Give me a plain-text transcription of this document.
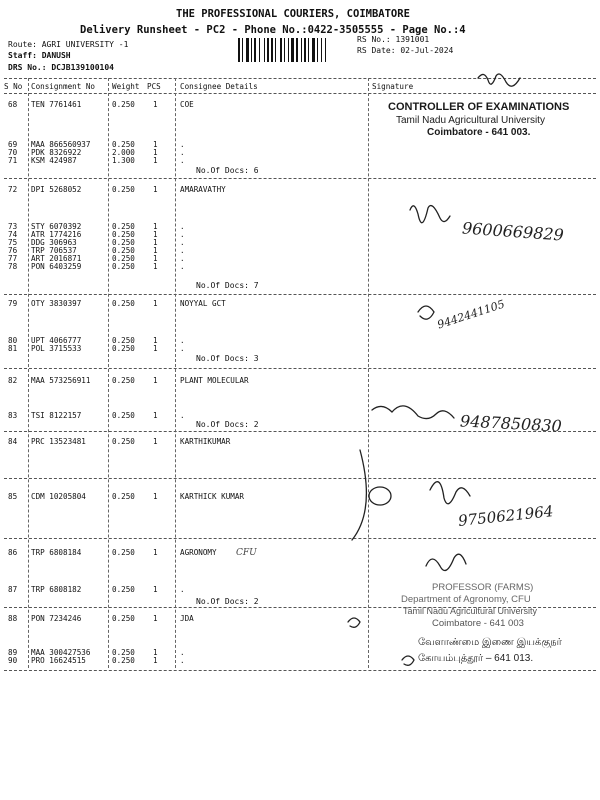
THE PROFESSIONAL COURIERS, COIMBATORE
Delivery Runsheet - PC2 - Phone No.:0422-3505555 - Page No.:4
Route: AGRI UNIVERSITY -1
Staff: DANUSH
DRS No.: DCJB139100104
RS No.: 1391001
RS Date: 02-Jul-2024
S No Consignment No Weight PCS	Consignee Details	Signature
68 TEN 7761461	0.250 1	COE
69 MAA 866560937	0.250 1	.
70 PDK 8326922	2.000 1	.
71 KSM 424987	1.300 1	.
72 DPI 5268052	0.250 1	AMARAVATHY
73 STY 6070392	0.250 1	.
74 ATR 1774216	0.250 1	.
75 DDG 306963	0.250 1	.
76 TRP 706537	0.250 1	.
77 ART 2016871	0.250 1	.
78 PON 6403259	0.250 1	.
79 OTY 3830397	0.250 1	NOYYAL GCT
80 UPT 4066777	0.250 1	.
81 POL 3715533	0.250 1	.
82 MAA 573256911	0.250 1	PLANT MOLECULAR
83 TSI 8122157	0.250 1	.
84 PRC 13523481	0.250 1	KARTHIKUMAR
85 CDM 10205804	0.250 1	KARTHICK KUMAR
86 TRP 6808184	0.250 1	AGRONOMY
87 TRP 6808182	0.250 1	.
88 PON 7234246	0.250 1	JDA
89 MAA 300427536	0.250 1	.
90 PRO 16624515	0.250 1	.
No.Of Docs: 6
No.Of Docs: 7
No.Of Docs: 3
No.Of Docs: 2
No.Of Docs: 2
CONTROLLER OF EXAMINATIONS
Tamil Nadu Agricultural University
Coimbatore - 641 003.
PROFESSOR (FARMS)
Department of Agronomy, CFU
Tamil Nadu Agricultural University
Coimbatore - 641 003
வேளாண்மை இணை இயக்குநர்
கோயம்புத்தூர் – 641 013.
9600669829
9442441105
9487850830
9750621964
CFU
